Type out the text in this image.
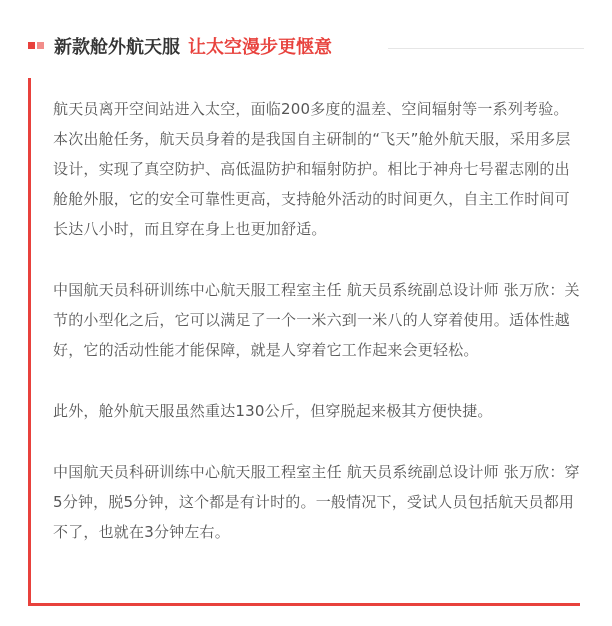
新款舱外航天服 让太空漫步更惬意

航天员离开空间站进入太空，面临200多度的温差、空间辐射等一系列考验。本次出舱任务，航天员身着的是我国自主研制的“飞天”舱外航天服，采用多层设计，实现了真空防护、高低温防护和辐射防护。相比于神舟七号翟志刚的出舱舱外服，它的安全可靠性更高，支持舱外活动的时间更久，自主工作时间可长达八小时，而且穿在身上也更加舒适。

中国航天员科研训练中心航天服工程室主任 航天员系统副总设计师 张万欣：关节的小型化之后，它可以满足了一个一米六到一米八的人穿着使用。适体性越好，它的活动性能才能保障，就是人穿着它工作起来会更轻松。

此外，舱外航天服虽然重达130公斤，但穿脱起来极其方便快捷。

中国航天员科研训练中心航天服工程室主任 航天员系统副总设计师 张万欣：穿5分钟，脱5分钟，这个都是有计时的。一般情况下，受试人员包括航天员都用不了，也就在3分钟左右。
